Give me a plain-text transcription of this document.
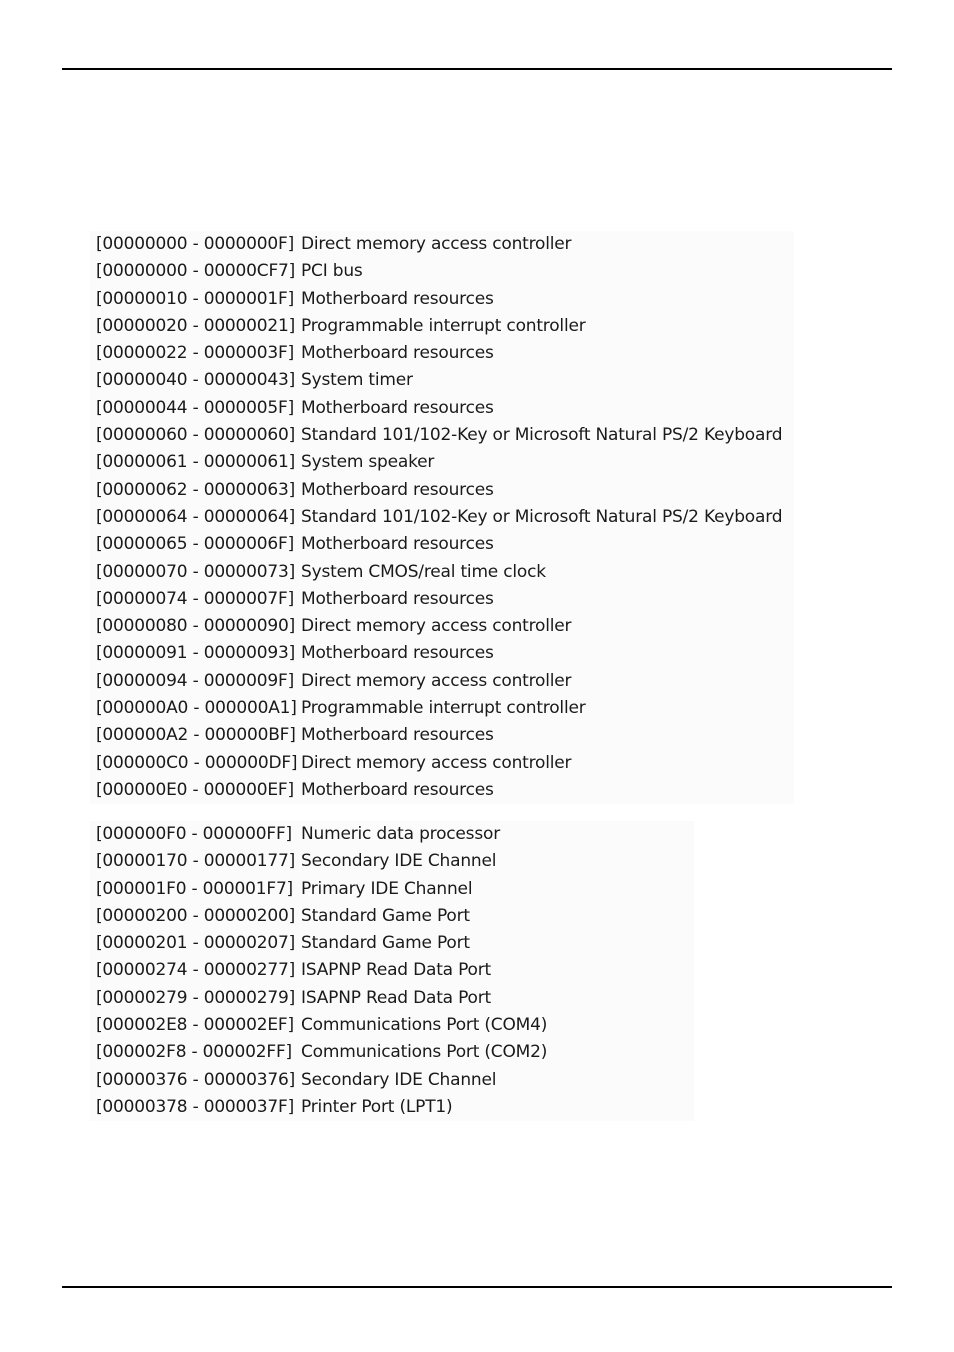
[00000000 - 0000000F] Direct memory access controller
[00000000 - 00000CF7] PCI bus
[00000010 - 0000001F] Motherboard resources
[00000020 - 00000021] Programmable interrupt controller
[00000022 - 0000003F] Motherboard resources
[00000040 - 00000043] System timer
[00000044 - 0000005F] Motherboard resources
[00000060 - 00000060] Standard 101/102-Key or Microsoft Natural PS/2 Keyboard
[00000061 - 00000061] System speaker
[00000062 - 00000063] Motherboard resources
[00000064 - 00000064] Standard 101/102-Key or Microsoft Natural PS/2 Keyboard
[00000065 - 0000006F] Motherboard resources
[00000070 - 00000073] System CMOS/real time clock
[00000074 - 0000007F] Motherboard resources
[00000080 - 00000090] Direct memory access controller
[00000091 - 00000093] Motherboard resources
[00000094 - 0000009F] Direct memory access controller
[000000A0 - 000000A1] Programmable interrupt controller
[000000A2 - 000000BF] Motherboard resources
[000000C0 - 000000DF] Direct memory access controller
[000000E0 - 000000EF] Motherboard resources
[000000F0 - 000000FF] Numeric data processor
[00000170 - 00000177] Secondary IDE Channel
[000001F0 - 000001F7] Primary IDE Channel
[00000200 - 00000200] Standard Game Port
[00000201 - 00000207] Standard Game Port
[00000274 - 00000277] ISAPNP Read Data Port
[00000279 - 00000279] ISAPNP Read Data Port
[000002E8 - 000002EF] Communications Port (COM4)
[000002F8 - 000002FF] Communications Port (COM2)
[00000376 - 00000376] Secondary IDE Channel
[00000378 - 0000037F] Printer Port (LPT1)
